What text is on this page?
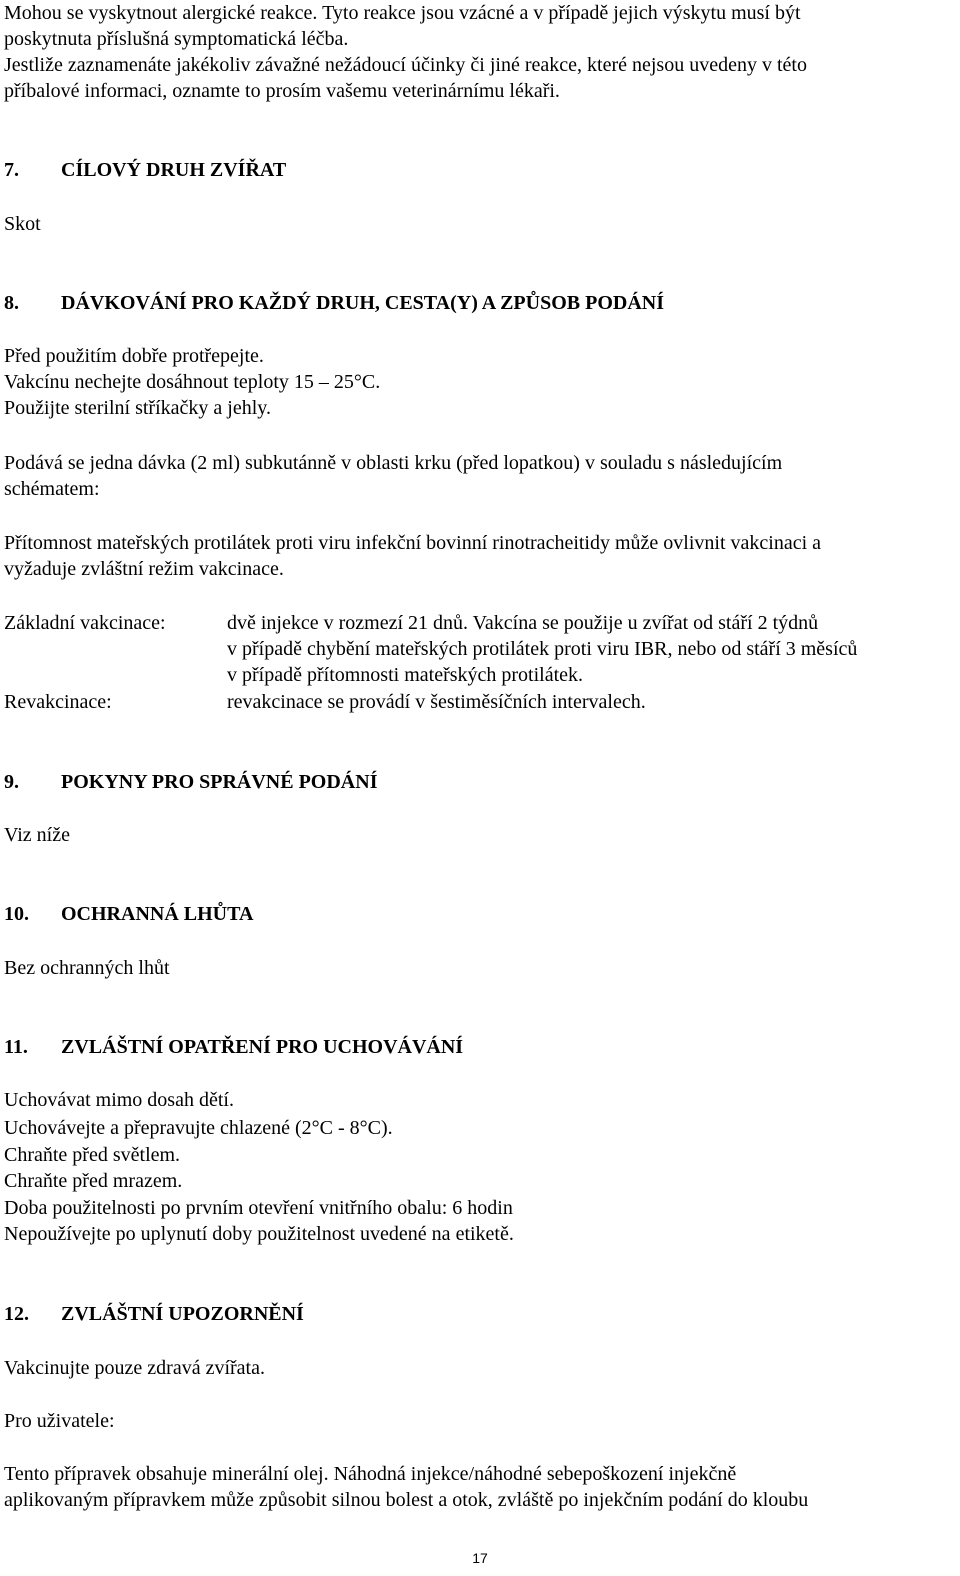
Mohou se vyskytnout alergické reakce. Tyto reakce jsou vzácné a v případě jejich výskytu musí být
poskytnuta příslušná symptomatická léčba.
Jestliže zaznamenáte jakékoliv závažné nežádoucí účinky či jiné reakce, které nejsou uvedeny v této
příbalové informaci, oznamte to prosím vašemu veterinárnímu lékaři.
7. CÍLOVÝ DRUH ZVÍŘAT
Skot
8. DÁVKOVÁNÍ PRO KAŽDÝ DRUH, CESTA(Y) A ZPŮSOB PODÁNÍ
Před použitím dobře protřepejte.
Vakcínu nechejte dosáhnout teploty 15 – 25°C.
Použijte sterilní stříkačky a jehly.
Podává se jedna dávka (2 ml) subkutánně v oblasti krku (před lopatkou) v souladu s následujícím
schématem:
Přítomnost mateřských protilátek proti viru infekční bovinní rinotracheitidy může ovlivnit vakcinaci a
vyžaduje zvláštní režim vakcinace.
Základní vakcinace:	dvě injekce v rozmezí 21 dnů. Vakcína se použije u zvířat od stáří 2 týdnů
v případě chybění mateřských protilátek proti viru IBR, nebo od stáří 3 měsíců
v případě přítomnosti mateřských protilátek.
Revakcinace:	revakcinace se provádí v šestiměsíčních intervalech.
9. POKYNY PRO SPRÁVNÉ PODÁNÍ
Viz níže
10. OCHRANNÁ LHŮTA
Bez ochranných lhůt
11. ZVLÁŠTNÍ OPATŘENÍ PRO UCHOVÁVÁNÍ
Uchovávat mimo dosah dětí.
Uchovávejte a přepravujte chlazené (2°C - 8°C).
Chraňte před světlem.
Chraňte před mrazem.
Doba použitelnosti po prvním otevření vnitřního obalu: 6 hodin
Nepoužívejte po uplynutí doby použitelnost uvedené na etiketě.
12. ZVLÁŠTNÍ UPOZORNĚNÍ
Vakcinujte pouze zdravá zvířata.
Pro uživatele:
Tento přípravek obsahuje minerální olej. Náhodná injekce/náhodné sebepoškození injekčně
aplikovaným přípravkem může způsobit silnou bolest a otok, zvláště po injekčním podání do kloubu
17
